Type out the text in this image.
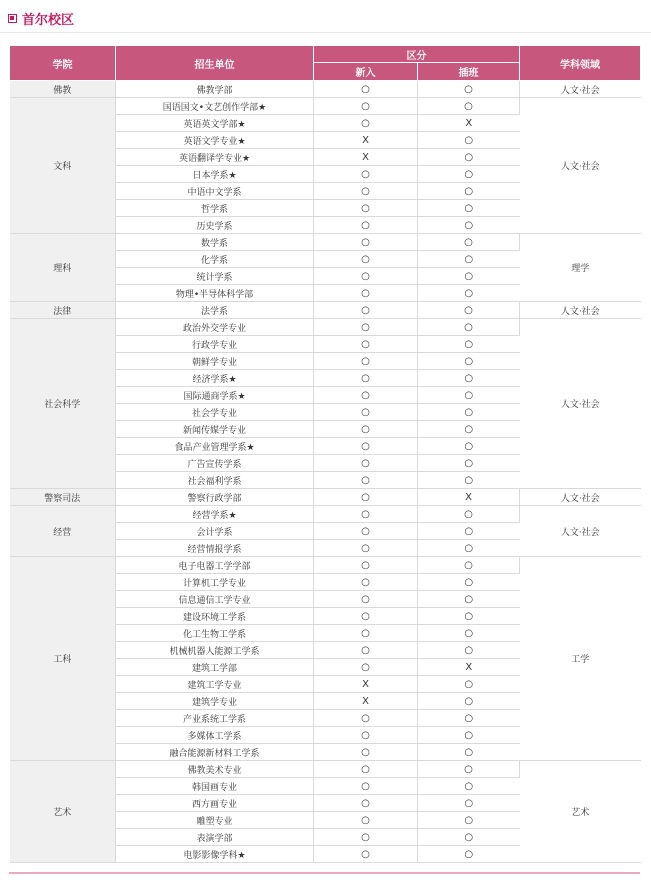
首尔校区
学院	招生单位	区分		学科领域
		新入	插班	
佛教	佛教学部	○	○	人文·社会
文科	国语国文•文艺创作学部★	○	○	人文·社会
	英语英文学部★	○	X	
	英语文学专业★	X	○	
	英语翻译学专业★	X	○	
	日本学系★	○	○	
	中语中文学系	○	○	
	哲学系	○	○	
	历史学系	○	○	
理科	数学系	○	○	理学
	化学系	○	○	
	统计学系	○	○	
	物理•半导体科学部	○	○	
法律	法学系	○	○	人文·社会
社会科学	政治外交学专业	○	○	人文·社会
	行政学专业	○	○	
	朝鲜学专业	○	○	
	经济学系★	○	○	
	国际通商学系★	○	○	
	社会学专业	○	○	
	新闻传媒学专业	○	○	
	食品产业管理学系★	○	○	
	广告宣传学系	○	○	
	社会福利学系	○	○	
警察司法	警察行政学部	○	X	人文·社会
经营	经营学系★	○	○	人文·社会
	会计学系	○	○	
	经营情报学系	○	○	
工科	电子电器工学学部	○	○	工学
	计算机工学专业	○	○	
	信息通信工学专业	○	○	
	建设环境工学系	○	○	
	化工生物工学系	○	○	
	机械机器人能源工学系	○	○	
	建筑工学部	○	X	
	建筑工学专业	X	○	
	建筑学专业	X	○	
	产业系统工学系	○	○	
	多媒体工学系	○	○	
	融合能源新材料工学系	○	○	
艺术	佛教美术专业	○	○	艺术
	韩国画专业	○	○	
	西方画专业	○	○	
	雕塑专业	○	○	
	表演学部	○	○	
	电影影像学科★	○	○	
